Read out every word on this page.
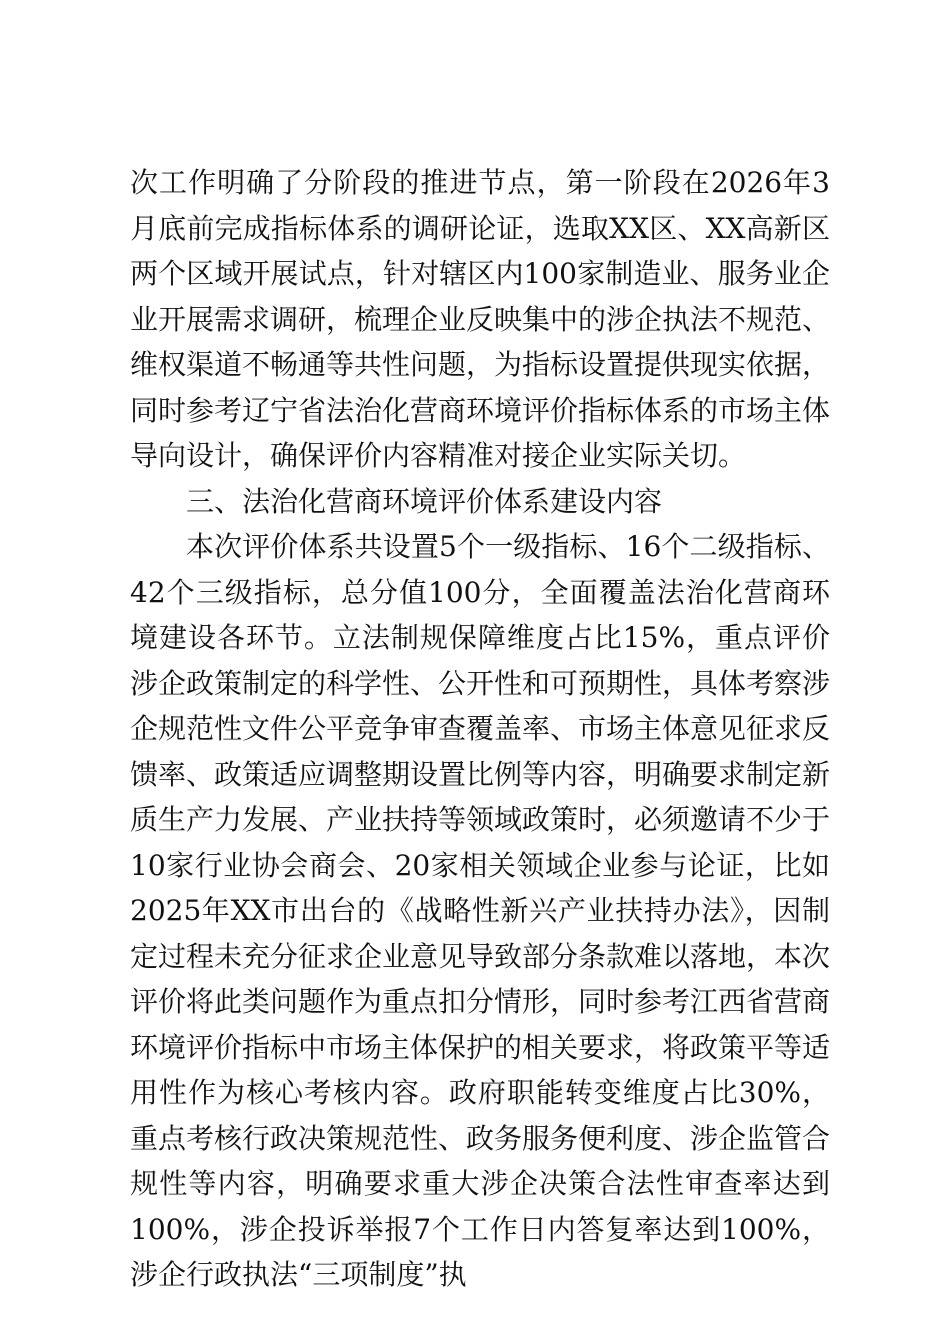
次工作明确了分阶段的推进节点，第一阶段在2026年3月底前完成指标体系的调研论证，选取XX区、XX高新区两个区域开展试点，针对辖区内100家制造业、服务业企业开展需求调研，梳理企业反映集中的涉企执法不规范、维权渠道不畅通等共性问题，为指标设置提供现实依据，同时参考辽宁省法治化营商环境评价指标体系的市场主体导向设计，确保评价内容精准对接企业实际关切。

三、法治化营商环境评价体系建设内容

本次评价体系共设置5个一级指标、16个二级指标、42个三级指标，总分值100分，全面覆盖法治化营商环境建设各环节。立法制规保障维度占比15%，重点评价涉企政策制定的科学性、公开性和可预期性，具体考察涉企规范性文件公平竞争审查覆盖率、市场主体意见征求反馈率、政策适应调整期设置比例等内容，明确要求制定新质生产力发展、产业扶持等领域政策时，必须邀请不少于10家行业协会商会、20家相关领域企业参与论证，比如2025年XX市出台的《战略性新兴产业扶持办法》，因制定过程未充分征求企业意见导致部分条款难以落地，本次评价将此类问题作为重点扣分情形，同时参考江西省营商环境评价指标中市场主体保护的相关要求，将政策平等适用性作为核心考核内容。政府职能转变维度占比30%，重点考核行政决策规范性、政务服务便利度、涉企监管合规性等内容，明确要求重大涉企决策合法性审查率达到100%，涉企投诉举报7个工作日内答复率达到100%，涉企行政执法“三项制度”执
